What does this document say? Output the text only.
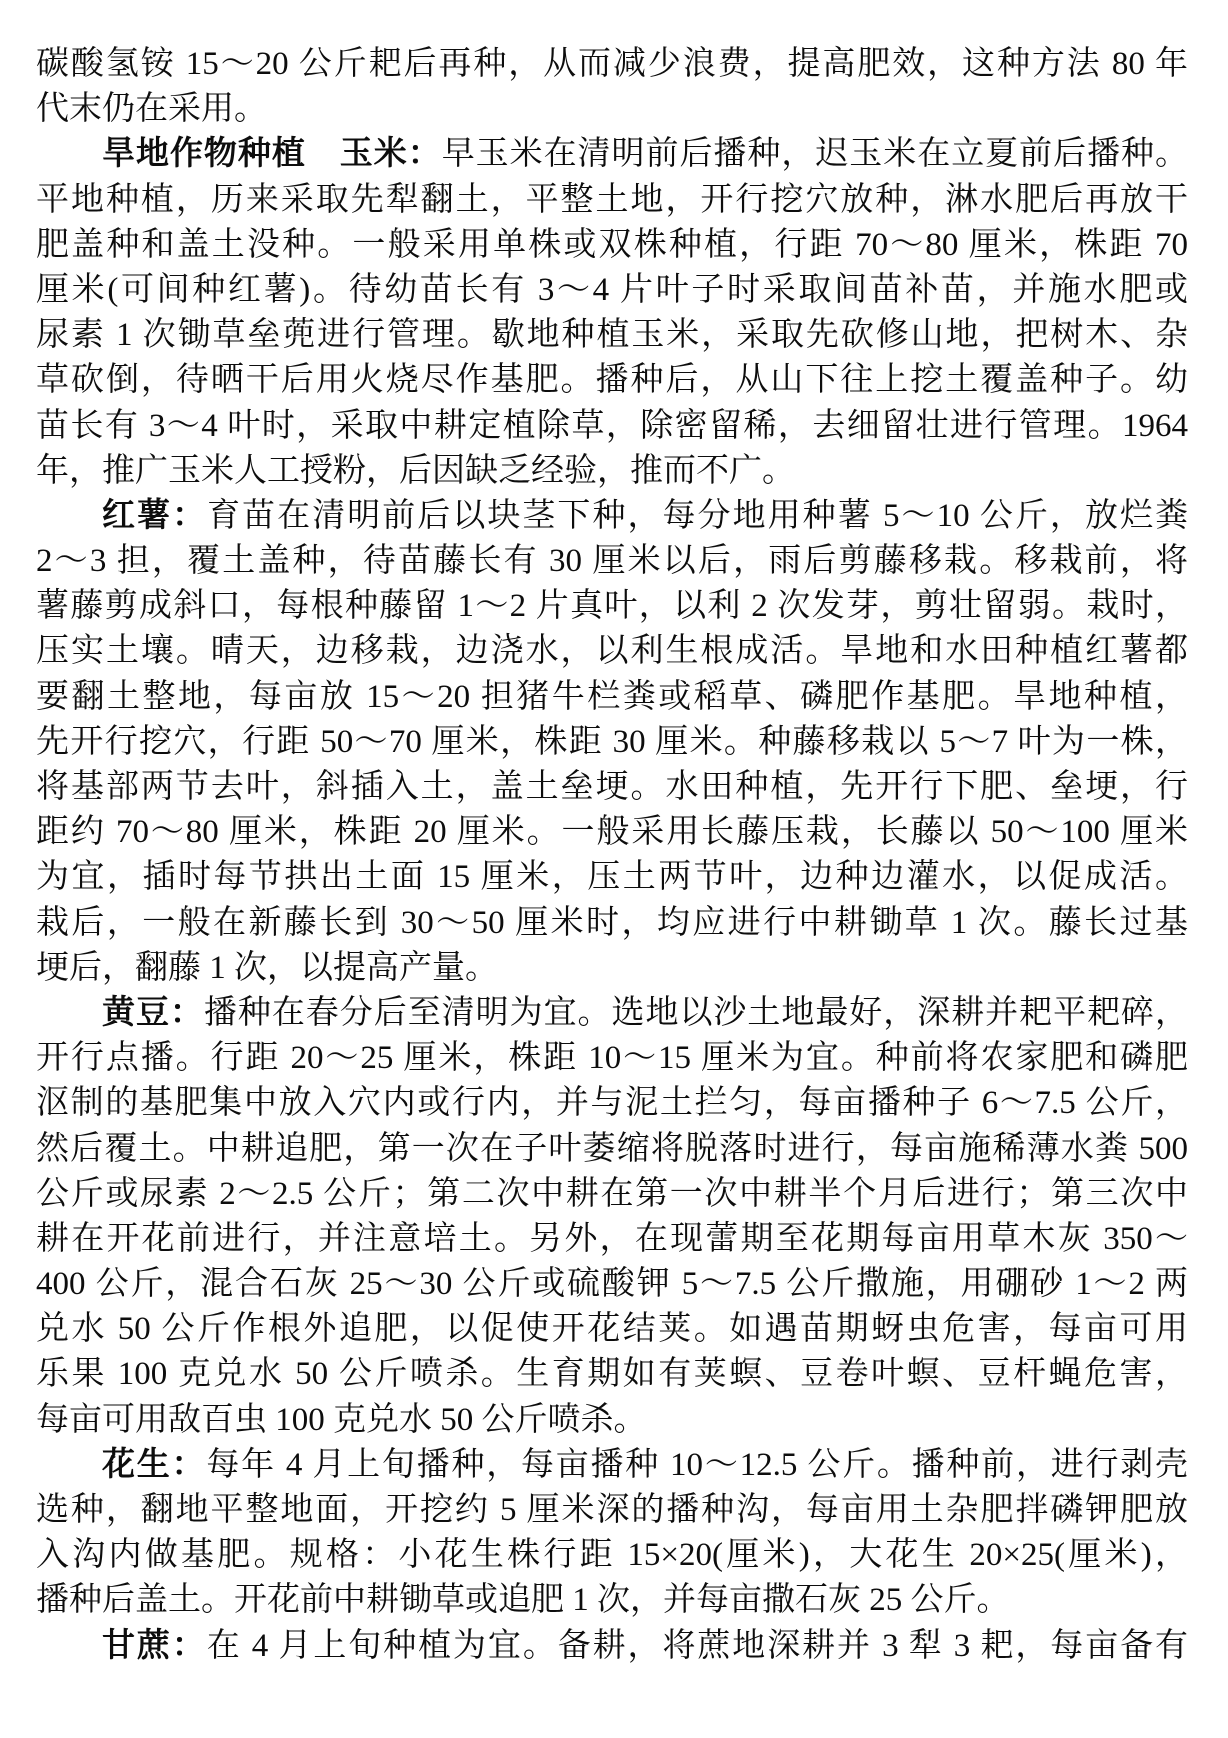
碳酸氢铵 15～20 公斤耙后再种，从而减少浪费，提高肥效，这种方法 80 年
代末仍在采用。
旱地作物种植　 玉米：早玉米在清明前后播种，迟玉米在立夏前后播种。
平地种植，历来采取先犁翻土，平整土地，开行挖穴放种，淋水肥后再放干
肥盖种和盖土没种。一般采用单株或双株种植，行距 70～80 厘米，株距 70
厘米(可间种红薯)。待幼苗长有 3～4 片叶子时采取间苗补苗，并施水肥或
尿素 1 次锄草垒蔸进行管理。歇地种植玉米，采取先砍修山地，把树木、杂
草砍倒，待晒干后用火烧尽作基肥。播种后，从山下往上挖土覆盖种子。幼
苗长有 3～4 叶时，采取中耕定植除草，除密留稀，去细留壮进行管理。1964
年，推广玉米人工授粉，后因缺乏经验，推而不广。
红薯：育苗在清明前后以块茎下种，每分地用种薯 5～10 公斤，放烂粪
2～3 担，覆土盖种，待苗藤长有 30 厘米以后，雨后剪藤移栽。移栽前，将
薯藤剪成斜口，每根种藤留 1～2 片真叶，以利 2 次发芽，剪壮留弱。栽时，
压实土壤。晴天，边移栽，边浇水，以利生根成活。旱地和水田种植红薯都
要翻土整地，每亩放 15～20 担猪牛栏粪或稻草、磷肥作基肥。旱地种植，
先开行挖穴，行距 50～70 厘米，株距 30 厘米。种藤移栽以 5～7 叶为一株，
将基部两节去叶，斜插入土，盖土垒埂。水田种植，先开行下肥、垒埂，行
距约 70～80 厘米，株距 20 厘米。一般采用长藤压栽，长藤以 50～100 厘米
为宜，插时每节拱出土面 15 厘米，压土两节叶，边种边灌水，以促成活。
栽后，一般在新藤长到 30～50 厘米时，均应进行中耕锄草 1 次。藤长过基
埂后，翻藤 1 次，以提高产量。
黄豆：播种在春分后至清明为宜。选地以沙土地最好，深耕并耙平耙碎，
开行点播。行距 20～25 厘米，株距 10～15 厘米为宜。种前将农家肥和磷肥
沤制的基肥集中放入穴内或行内，并与泥土拦匀，每亩播种子 6～7.5 公斤，
然后覆土。中耕追肥，第一次在子叶萎缩将脱落时进行，每亩施稀薄水粪 500
公斤或尿素 2～2.5 公斤；第二次中耕在第一次中耕半个月后进行；第三次中
耕在开花前进行，并注意培土。另外，在现蕾期至花期每亩用草木灰 350～
400 公斤，混合石灰 25～30 公斤或硫酸钾 5～7.5 公斤撒施，用硼砂 1～2 两
兑水 50 公斤作根外追肥，以促使开花结荚。如遇苗期蚜虫危害，每亩可用
乐果 100 克兑水 50 公斤喷杀。生育期如有荚螟、豆卷叶螟、豆杆蝇危害，
每亩可用敌百虫 100 克兑水 50 公斤喷杀。
花生：每年 4 月上旬播种，每亩播种 10～12.5 公斤。播种前，进行剥壳
选种，翻地平整地面，开挖约 5 厘米深的播种沟，每亩用土杂肥拌磷钾肥放
入沟内做基肥。规格：小花生株行距 15×20(厘米)，大花生 20×25(厘米)，
播种后盖土。开花前中耕锄草或追肥 1 次，并每亩撒石灰 25 公斤。
甘蔗：在 4 月上旬种植为宜。备耕，将蔗地深耕并 3 犁 3 耙，每亩备有
